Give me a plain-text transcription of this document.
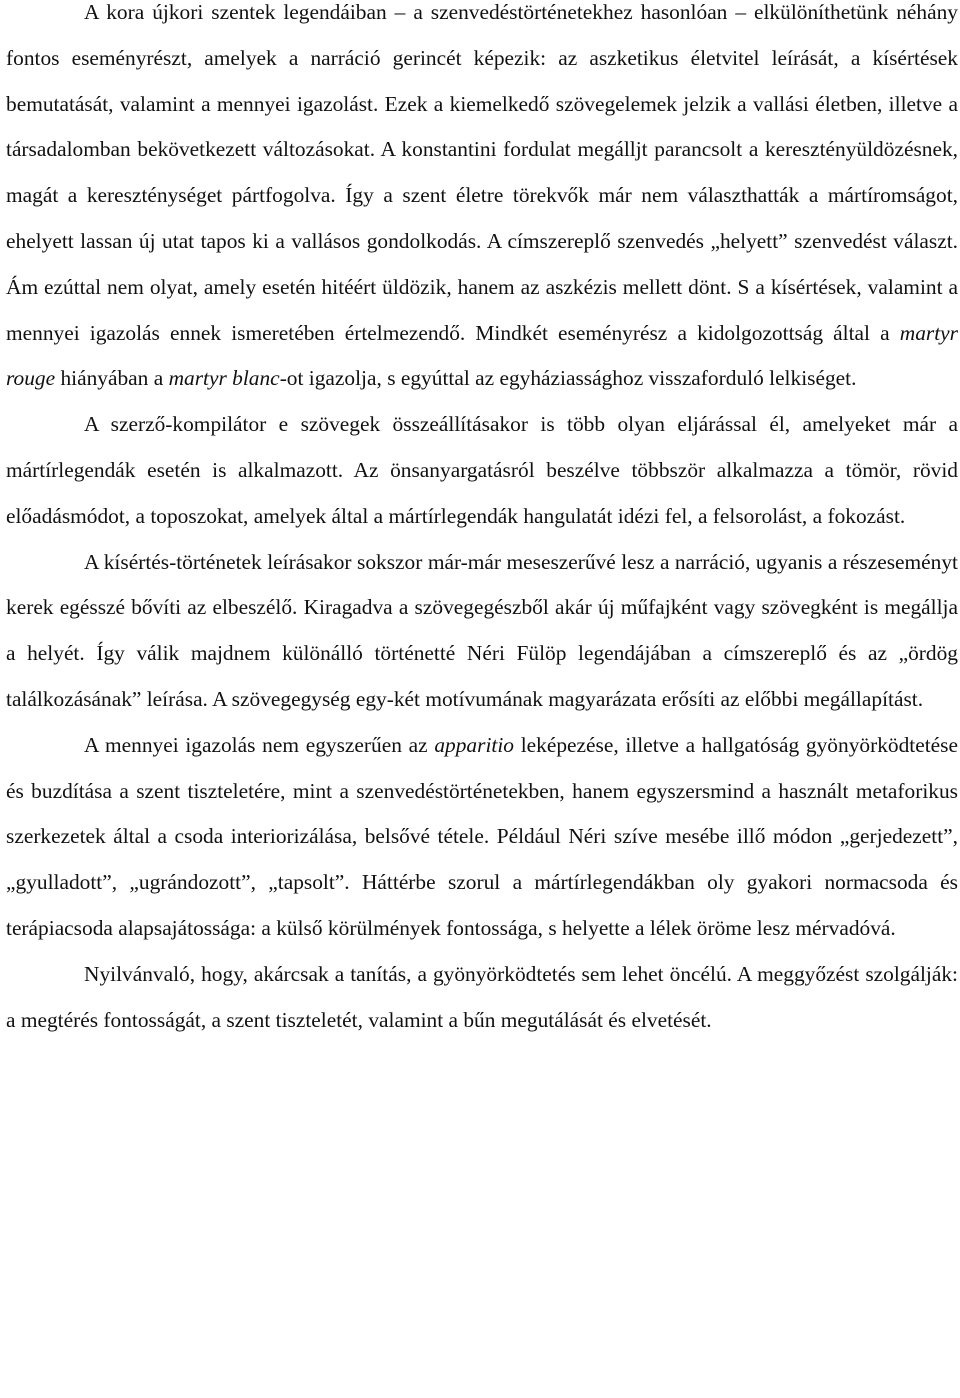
A kora újkori szentek legendáiban – a szenvedéstörténetekhez hasonlóan – elkülöníthetünk néhány fontos eseményrészt, amelyek a narráció gerincét képezik: az aszketikus életvitel leírását, a kísértések bemutatását, valamint a mennyei igazolást. Ezek a kiemelkedő szövegelemek jelzik a vallási életben, illetve a társadalomban bekövetkezett változásokat. A konstantini fordulat megálljt parancsolt a keresztényüldözésnek, magát a kereszténységet pártfogolva. Így a szent életre törekvők már nem választhatták a mártíromságot, ehelyett lassan új utat tapos ki a vallásos gondolkodás. A címszereplő szenvedés „helyett” szenvedést választ. Ám ezúttal nem olyat, amely esetén hitéért üldözik, hanem az aszkézis mellett dönt. S a kísértések, valamint a mennyei igazolás ennek ismeretében értelmezendő. Mindkét eseményrész a kidolgozottság által a martyr rouge hiányában a martyr blanc-ot igazolja, s egyúttal az egyháziassághoz visszaforduló lelkiséget.

A szerző-kompilátor e szövegek összeállításakor is több olyan eljárással él, amelyeket már a mártírlegendák esetén is alkalmazott. Az önsanyargatásról beszélve többször alkalmazza a tömör, rövid előadásmódot, a toposzokat, amelyek által a mártírlegendák hangulatát idézi fel, a felsorolást, a fokozást.

A kísértés-történetek leírásakor sokszor már-már meseszerűvé lesz a narráció, ugyanis a részeseményt kerek egésszé bővíti az elbeszélő. Kiragadva a szövegegészből akár új műfajként vagy szövegként is megállja a helyét. Így válik majdnem különálló történetté Néri Fülöp legendájában a címszereplő és az „ördög találkozásának” leírása. A szövegegység egy-két motívumának magyarázata erősíti az előbbi megállapítást.

A mennyei igazolás nem egyszerűen az apparitio leképezése, illetve a hallgatóság gyönyörködtetése és buzdítása a szent tiszteletére, mint a szenvedéstörténetekben, hanem egyszersmind a használt metaforikus szerkezetek által a csoda interiorizálása, belsővé tétele. Például Néri szíve mesébe illő módon „gerjedezett”, „gyulladott”, „ugrándozott”, „tapsolt”. Háttérbe szorul a mártírlegendákban oly gyakori normacsoda és terápiacsoda alapsajátossága: a külső körülmények fontossága, s helyette a lélek öröme lesz mérvadóvá.

Nyilvánvaló, hogy, akárcsak a tanítás, a gyönyörködtetés sem lehet öncélú. A meggyőzést szolgálják: a megtérés fontosságát, a szent tiszteletét, valamint a bűn megutálását és elvetését.
